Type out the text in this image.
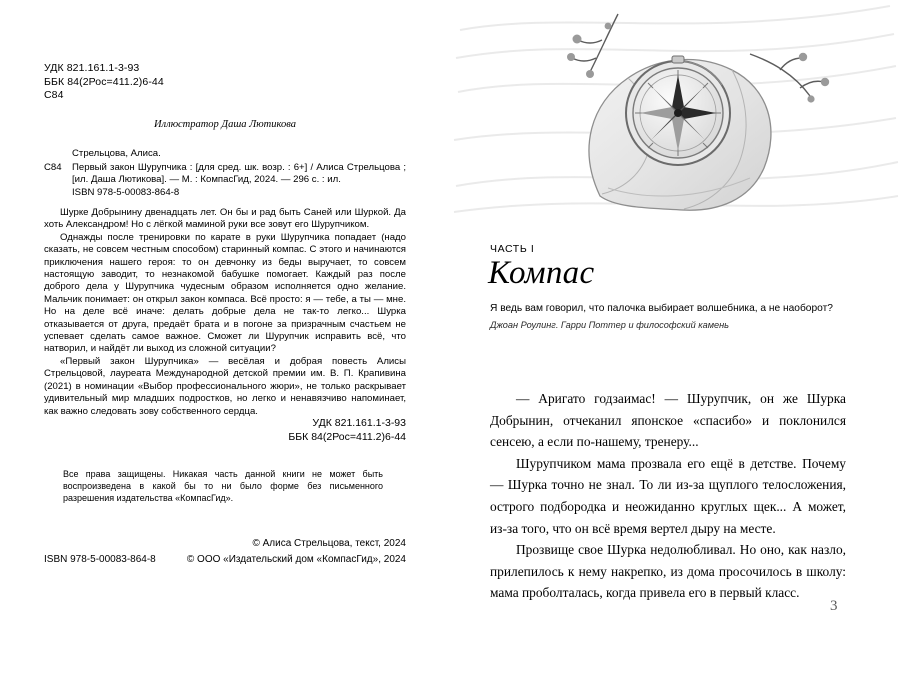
УДК 821.161.1-3-93
ББК 84(2Рос=411.2)6-44
С84
Иллюстратор Даша Лютикова
Стрельцова, Алиса.
С84 Первый закон Шурупчика : [для сред. шк. возр. : 6+] / Алиса Стрельцова ; [ил. Даша Лютикова]. — М. : КомпасГид, 2024. — 296 с. : ил.
ISBN 978-5-00083-864-8

Шурке Добрынину двенадцать лет. Он бы и рад быть Саней или Шуркой. Да хоть Александром! Но с лёгкой маминой руки все зовут его Шурупчиком.

Однажды после тренировки по карате в руки Шурупчика попадает (надо сказать, не совсем честным способом) старинный компас. С этого и начинаются приключения нашего героя: то он девчонку из беды выручает, то совсем настоящую заводит, то незнакомой бабушке помогает. Каждый раз после доброго дела у Шурупчика чудесным образом исполняется одно желание. Мальчик понимает: он открыл закон компаса. Всё просто: я — тебе, а ты — мне. Но на деле всё иначе: делать добрые дела не так-то легко... Шурка отказывается от друга, предаёт брата и в погоне за призрачным счастьем не успевает сделать самое важное. Сможет ли Шурупчик исправить всё, что натворил, и найдёт ли выход из сложной ситуации?

«Первый закон Шурупчика» — весёлая и добрая повесть Алисы Стрельцовой, лауреата Международной детской премии им. В. П. Крапивина (2021) в номинации «Выбор профессионального жюри», не только раскрывает удивительный мир младших подростков, но легко и ненавязчиво напоминает, как важно следовать зову собственного сердца.

УДК 821.161.1-3-93
ББК 84(2Рос=411.2)6-44
Все права защищены. Никакая часть данной книги не может быть воспроизведена в какой бы то ни было форме без письменного разрешения издательства «КомпасГид».
© Алиса Стрельцова, текст, 2024
ISBN 978-5-00083-864-8	© ООО «Издательский дом «КомпасГид», 2024
ЧАСТЬ I
Компас
Я ведь вам говорил, что палочка выбирает волшебника, а не наоборот?
Джоан Роулинг. Гарри Поттер и философский камень

— Аригато годзаимас! — Шурупчик, он же Шурка Добрынин, отчеканил японское «спасибо» и поклонился сенсею, а если по-нашему, тренеру...

Шурупчиком мама прозвала его ещё в детстве. Почему — Шурка точно не знал. То ли из-за щуплого телосложения, острого подбородка и неожиданно круглых щек... А может, из-за того, что он всё время вертел дыру на месте.

Прозвище свое Шурка недолюбливал. Но оно, как назло, прилепилось к нему накрепко, из дома просочилось в школу: мама проболталась, когда привела его в первый класс.

3
